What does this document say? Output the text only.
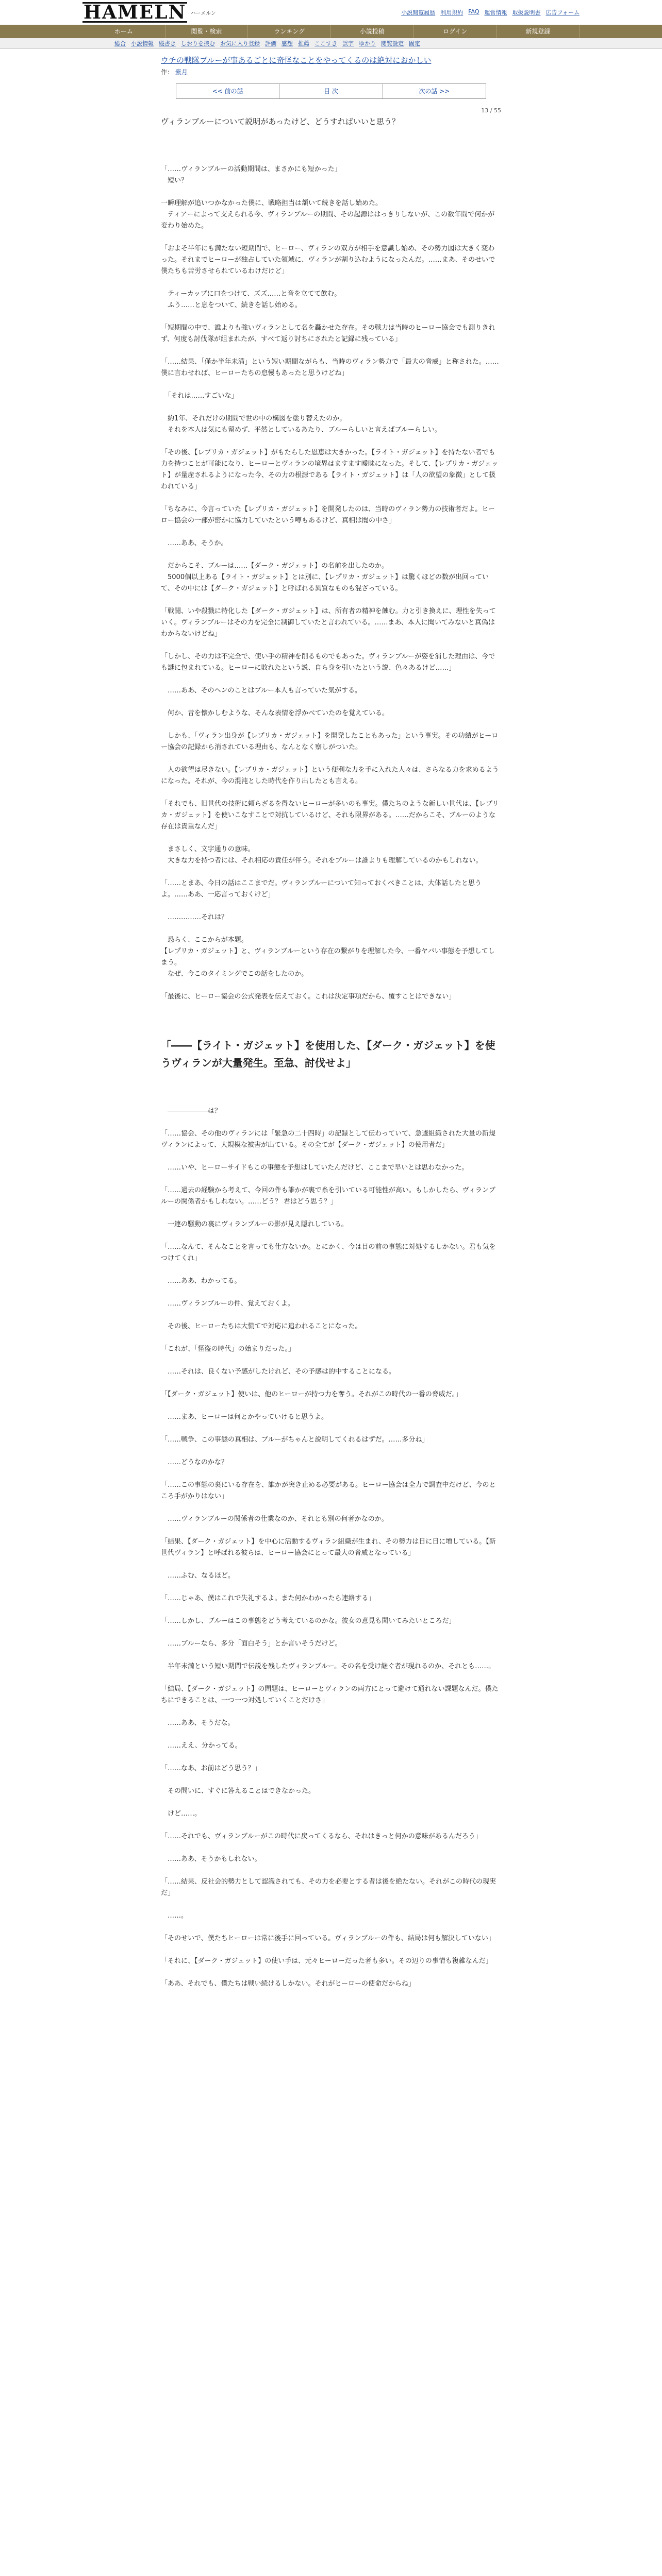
HAMELN ハーメルン	小説閲覧履歴 利用規約 FAQ 運営情報 取扱説明書 広告フォーム
ホーム	閲覧・検索	ランキング	小説投稿	ログイン	新規登録
総合 小説情報 縦書き しおりを挟む お気に入り登録 評価 感想 推薦 ここすき 誤字 ゆかり 閲覧設定 固定
ウチの戦隊ブルーが事あるごとに奇怪なことをやってくるのは絶対におかしい
作： 紫月
<< 前の話	目 次	次の話 >>
13 / 55
ヴィランブルーについて説明があったけど、どうすればいいと思う？

「……ヴィランブルーの活動期間は、まさかにも短かった」

　短い？

一瞬理解が追いつかなかった僕に、戦略担当は頷いて続きを話し始めた。

　ティアーによって支えられる今、ヴィランブルーの期間、その起源ははっきりしないが、この数年間で何かが変わり始めた。

「およそ半年にも満たない短期間で、ヒーロー、ヴィランの双方が相手を意識し始め、その勢力図は大きく変わった。それまでヒーローが独占していた領域に、ヴィランが割り込むようになったんだ。……まあ、そのせいで僕たちも苦労させられているわけだけど」

　ティーカップに口をつけて、ズズ……と音を立てて飲む。

　ふう……と息をついて、続きを話し始める。

「短期間の中で、誰よりも強いヴィランとして名を轟かせた存在。その戦力は当時のヒーロー協会でも測りきれず、何度も討伐隊が組まれたが、すべて返り討ちにされたと記録に残っている」

「……結果、「僅か半年未満」という短い期間ながらも、当時のヴィラン勢力で「最大の脅威」と称された。……僕に言わせれば、ヒーローたちの怠慢もあったと思うけどね」

　「それは……すごいな」

　約1年、それだけの期間で世の中の構図を塗り替えたのか。

　それを本人は気にも留めず、平然としているあたり、ブルーらしいと言えばブルーらしい。

「その後、【レプリカ・ガジェット】がもたらした恩恵は大きかった。【ライト・ガジェット】を持たない者でも力を持つことが可能になり、ヒーローとヴィランの境界はますます曖昧になった。そして、【レプリカ・ガジェット】が量産されるようになった今、その力の根源である【ライト・ガジェット】は「人の欲望の象徴」として扱われている」

「ちなみに、今言っていた【レプリカ・ガジェット】を開発したのは、当時のヴィラン勢力の技術者だよ。ヒーロー協会の一部が密かに協力していたという噂もあるけど、真相は闇の中さ」

　……ああ、そうか。

　だからこそ、ブルーは……【ダーク・ガジェット】の名前を出したのか。

　5000個以上ある【ライト・ガジェット】とは別に、【レプリカ・ガジェット】は驚くほどの数が出回っていて、その中には【ダーク・ガジェット】と呼ばれる異質なものも混ざっている。

「戦闘、いや殺戮に特化した【ダーク・ガジェット】は、所有者の精神を蝕む。力と引き換えに、理性を失っていく。ヴィランブルーはその力を完全に制御していたと言われている。……まあ、本人に聞いてみないと真偽はわからないけどね」

「しかし、その力は不完全で、使い手の精神を削るものでもあった。ヴィランブルーが姿を消した理由は、今でも謎に包まれている。ヒーローに敗れたという説、自ら身を引いたという説、色々あるけど……」

　……ああ、そのヘンのことはブルー本人も言っていた気がする。

　何か、昔を懐かしむような、そんな表情を浮かべていたのを覚えている。

　しかも、「ヴィラン出身が【レプリカ・ガジェット】を開発したこともあった」という事実。その功績がヒーロー協会の記録から消されている理由も、なんとなく察しがついた。

　人の欲望は尽きない。【レプリカ・ガジェット】という便利な力を手に入れた人々は、さらなる力を求めるようになった。それが、今の混沌とした時代を作り出したとも言える。

「それでも、旧世代の技術に頼らざるを得ないヒーローが多いのも事実。僕たちのような新しい世代は、【レプリカ・ガジェット】を使いこなすことで対抗しているけど、それも限界がある。……だからこそ、ブルーのような存在は貴重なんだ」

　まさしく、文字通りの意味。

　大きな力を持つ者には、それ相応の責任が伴う。それをブルーは誰よりも理解しているのかもしれない。

「……とまあ、今日の話はここまでだ。ヴィランブルーについて知っておくべきことは、大体話したと思うよ。……ああ、一応言っておくけど」

　……………それは？

　恐らく、ここからが本題。

【レプリカ・ガジェット】と、ヴィランブルーという存在の繋がりを理解した今、一番ヤバい事態を予想してしまう。

　なぜ、今このタイミングでこの話をしたのか。

「最後に、ヒーロー協会の公式発表を伝えておく。これは決定事項だから、覆すことはできない」

「――【ライト・ガジェット】を使用した、【ダーク・ガジェット】を使うヴィランが大量発生。至急、討伐せよ」

　――――――は？

「……協会、その他のヴィランには「緊急の二十四時」の記録として伝わっていて、急遽組織された大量の新規ヴィランによって、大規模な被害が出ている。その全てが【ダーク・ガジェット】の使用者だ」

　……いや、ヒーローサイドもこの事態を予想はしていたんだけど、ここまで早いとは思わなかった。

「……過去の経験から考えて、今回の件も誰かが裏で糸を引いている可能性が高い。もしかしたら、ヴィランブルーの関係者かもしれない。……どう？ 君はどう思う？」

　一連の騒動の裏にヴィランブルーの影が見え隠れしている。

「……なんて、そんなことを言っても仕方ないか。とにかく、今は目の前の事態に対処するしかない。君も気をつけてくれ」

　……ああ、わかってる。

　……ヴィランブルーの件、覚えておくよ。

　その後、ヒーローたちは大慌てで対応に追われることになった。

「これが、「怪盗の時代」の始まりだった。」

　……それは、良くない予感がしたけれど、その予感は的中することになる。

「【ダーク・ガジェット】使いは、他のヒーローが持つ力を奪う。それがこの時代の一番の脅威だ。」

　……まあ、ヒーローは何とかやっていけると思うよ。

「……戦争、この事態の真相は、ブルーがちゃんと説明してくれるはずだ。……多分ね」

　……どうなのかな？

「……この事態の裏にいる存在を、誰かが突き止める必要がある。ヒーロー協会は全力で調査中だけど、今のところ手がかりはない」

　……ヴィランブルーの関係者の仕業なのか、それとも別の何者かなのか。

「結果、【ダーク・ガジェット】を中心に活動するヴィラン組織が生まれ、その勢力は日に日に増している。【新世代ヴィラン】と呼ばれる彼らは、ヒーロー協会にとって最大の脅威となっている」

　……ふむ、なるほど。

「……じゃあ、僕はこれで失礼するよ。また何かわかったら連絡する」

「……しかし、ブルーはこの事態をどう考えているのかな。彼女の意見も聞いてみたいところだ」

　……ブルーなら、多分「面白そう」とか言いそうだけど。

　半年未満という短い期間で伝説を残したヴィランブルー。その名を受け継ぐ者が現れるのか、それとも……。

「結局、【ダーク・ガジェット】の問題は、ヒーローとヴィランの両方にとって避けて通れない課題なんだ。僕たちにできることは、一つ一つ対処していくことだけさ」

　……ああ、そうだな。

　……ええ、分かってる。

「……なあ、お前はどう思う？」

　その問いに、すぐに答えることはできなかった。

　けど……。

「……それでも、ヴィランブルーがこの時代に戻ってくるなら、それはきっと何かの意味があるんだろう」

　……ああ、そうかもしれない。

「……結果、反社会的勢力として認識されても、その力を必要とする者は後を絶たない。それがこの時代の現実だ」

　……。

「そのせいで、僕たちヒーローは常に後手に回っている。ヴィランブルーの件も、結局は何も解決していない」

「それに、【ダーク・ガジェット】の使い手は、元々ヒーローだった者も多い。その辺りの事情も複雑なんだ」

「ああ、それでも、僕たちは戦い続けるしかない。それがヒーローの使命だからね」
